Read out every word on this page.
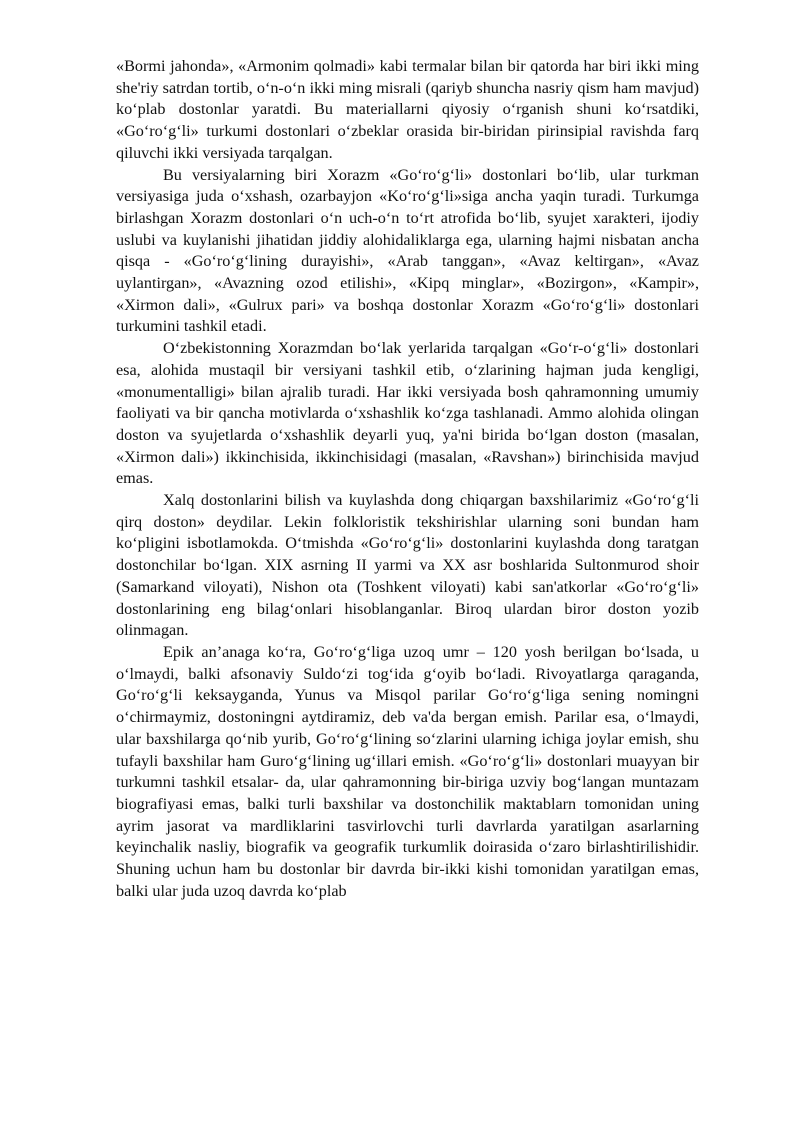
«Bormi jahonda», «Armonim qolmadi» kabi termalar bilan bir qatorda har biri ikki ming she'riy satrdan tortib, o‘n-o‘n ikki ming misrali (qariyb shuncha nasriy qism ham mavjud) ko‘plab dostonlar yaratdi. Bu materiallarni qiyosiy o‘rganish shuni ko‘rsatdiki, «Go‘ro‘g‘li» turkumi dostonlari o‘zbeklar orasida bir-biridan pirinsipial ravishda farq qiluvchi ikki versiyada tarqalgan.

Bu versiyalarning biri Xorazm «Go‘ro‘g‘li» dostonlari bo‘lib, ular turkman versiyasiga juda o‘xshash, ozarbayjon «Ko‘ro‘g‘li»siga ancha yaqin turadi. Turkumga birlashgan Xorazm dostonlari o‘n uch-o‘n to‘rt atrofida bo‘lib, syujet xarakteri, ijodiy uslubi va kuylanishi jihatidan jiddiy alohidaliklarga ega, ularning hajmi nisbatan ancha qisqa - «Go‘ro‘g‘lining durayishi», «Arab tanggan», «Avaz keltirgan», «Avaz uylantirgan», «Avazning ozod etilishi», «Kipq minglar», «Bozirgon», «Kampir», «Xirmon dali», «Gulrux pari» va boshqa dostonlar Xorazm «Go‘ro‘g‘li» dostonlari turkumini tashkil etadi.

O‘zbekistonning Xorazmdan bo‘lak yerlarida tarqalgan «Go‘r-o‘g‘li» dostonlari esa, alohida mustaqil bir versiyani tashkil etib, o‘zlarining hajman juda kengligi, «monumentalligi» bilan ajralib turadi. Har ikki versiyada bosh qahramonning umumiy faoliyati va bir qancha motivlarda o‘xshashlik ko‘zga tashlanadi. Ammo alohida olingan doston va syujetlarda o‘xshashlik deyarli yuq, ya'ni birida bo‘lgan doston (masalan, «Xirmon dali») ikkinchisida, ikkinchisidagi (masalan, «Ravshan») birinchisida mavjud emas.

Xalq dostonlarini bilish va kuylashda dong chiqargan baxshilarimiz «Go‘ro‘g‘li qirq doston» deydilar. Lekin folkloristik tekshirishlar ularning soni bundan ham ko‘pligini isbotlamokda. O‘tmishda «Go‘ro‘g‘li» dostonlarini kuylashda dong taratgan dostonchilar bo‘lgan. XIX asrning II yarmi va XX asr boshlarida Sultonmurod shoir (Samarkand viloyati), Nishon ota (Toshkent viloyati) kabi san'atkorlar «Go‘ro‘g‘li» dostonlarining eng bilag‘onlari hisoblanganlar. Biroq ulardan biror doston yozib olinmagan.

Epik an’anaga ko‘ra, Go‘ro‘g‘liga uzoq umr – 120 yosh berilgan bo‘lsada, u o‘lmaydi, balki afsonaviy Suldo‘zi tog‘ida g‘oyib bo‘ladi. Rivoyatlarga qaraganda, Go‘ro‘g‘li keksayganda, Yunus va Misqol parilar Go‘ro‘g‘liga sening nomingni o‘chirmaymiz, dostoningni aytdiramiz, deb va'da bergan emish. Parilar esa, o‘lmaydi, ular baxshilarga qo‘nib yurib, Go‘ro‘g‘lining so‘zlarini ularning ichiga joylar emish, shu tufayli baxshilar ham Guro‘g‘lining ug‘illari emish. «Go‘ro‘g‘li» dostonlari muayyan bir turkumni tashkil etsalar- da, ular qahramonning bir-biriga uzviy bog‘langan muntazam biografiyasi emas, balki turli baxshilar va dostonchilik maktablarn tomonidan uning ayrim jasorat va mardliklarini tasvirlovchi turli davrlarda yaratilgan asarlarning keyinchalik nasliy, biografik va geografik turkumlik doirasida o‘zaro birlashtirilishidir. Shuning uchun ham bu dostonlar bir davrda bir-ikki kishi tomonidan yaratilgan emas, balki ular juda uzoq davrda ko‘plab
